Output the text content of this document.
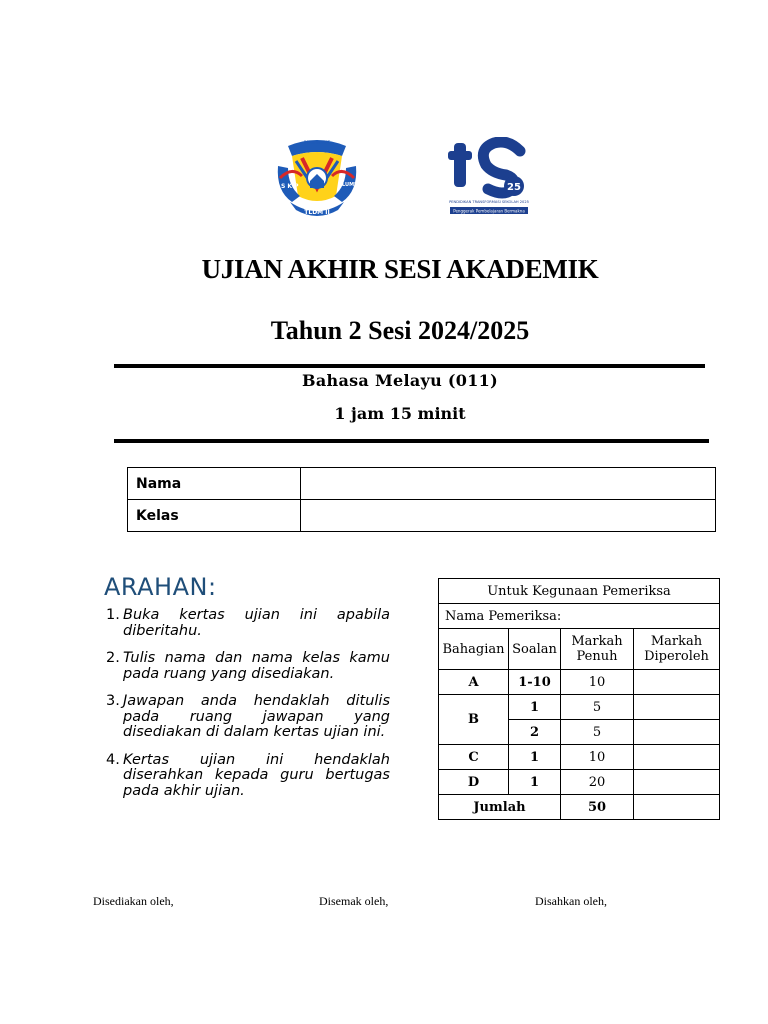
BERKHIDMAT
S K P	LUMUT
TLDM II
25
PENDIDIKAN TRANSFORMASI SEKOLAH 2025
Penggerak Pembelajaran Bermakna
UJIAN AKHIR SESI AKADEMIK
Tahun 2 Sesi 2024/2025
Bahasa Melayu (011)
1 jam 15 minit
Nama	
Kelas	
ARAHAN:
1. Buka kertas ujian ini apabila diberitahu.
2. Tulis nama dan nama kelas kamu pada ruang yang disediakan.
3. Jawapan anda hendaklah ditulis pada ruang jawapan yang disediakan di dalam kertas ujian ini.
4. Kertas ujian ini hendaklah diserahkan kepada guru bertugas pada akhir ujian.
Untuk Kegunaan Pemeriksa			
Nama Pemeriksa:			
Bahagian	Soalan	Markah Penuh	Markah Diperoleh
A	1-10	10	
B	1	5	
	2	5	
C	1	10	
D	1	20	
Jumlah		50	
Disediakan oleh,	Disemak oleh,	Disahkan oleh,
